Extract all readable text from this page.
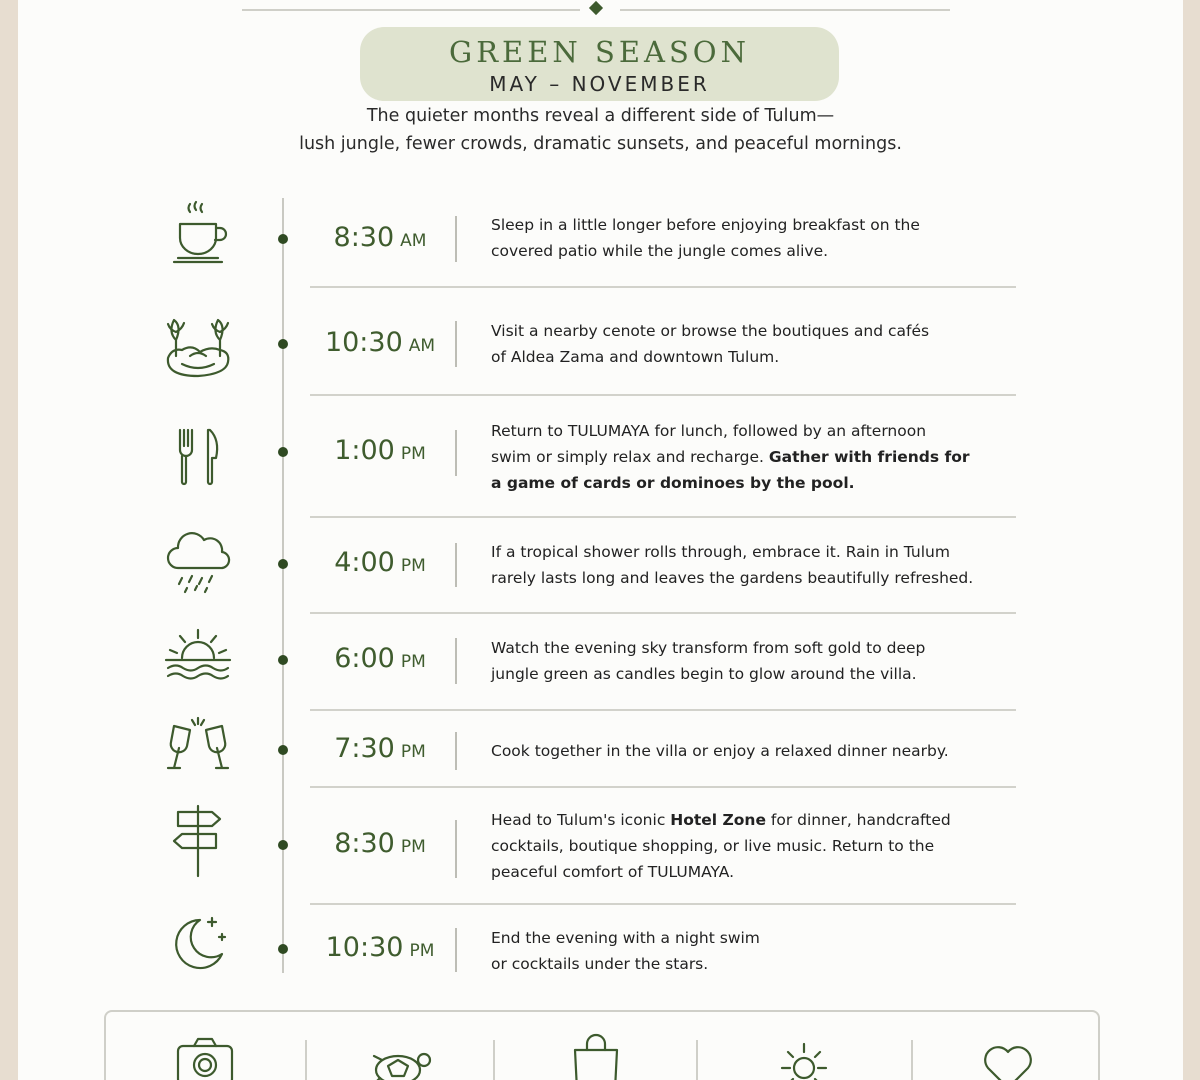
GREEN SEASON
MAY – NOVEMBER
The quieter months reveal a different side of Tulum—
lush jungle, fewer crowds, dramatic sunsets, and peaceful mornings.
8:30 AM
Sleep in a little longer before enjoying breakfast on the
covered patio while the jungle comes alive.
10:30 AM
Visit a nearby cenote or browse the boutiques and cafés
of Aldea Zama and downtown Tulum.
1:00 PM
Return to TULUMAYA for lunch, followed by an afternoon
swim or simply relax and recharge. Gather with friends for
a game of cards or dominoes by the pool.
4:00 PM
If a tropical shower rolls through, embrace it. Rain in Tulum
rarely lasts long and leaves the gardens beautifully refreshed.
6:00 PM
Watch the evening sky transform from soft gold to deep
jungle green as candles begin to glow around the villa.
7:30 PM	Cook together in the villa or enjoy a relaxed dinner nearby.
8:30 PM
Head to Tulum's iconic Hotel Zone for dinner, handcrafted
cocktails, boutique shopping, or live music. Return to the
peaceful comfort of TULUMAYA.
10:30 PM
End the evening with a night swim
or cocktails under the stars.
